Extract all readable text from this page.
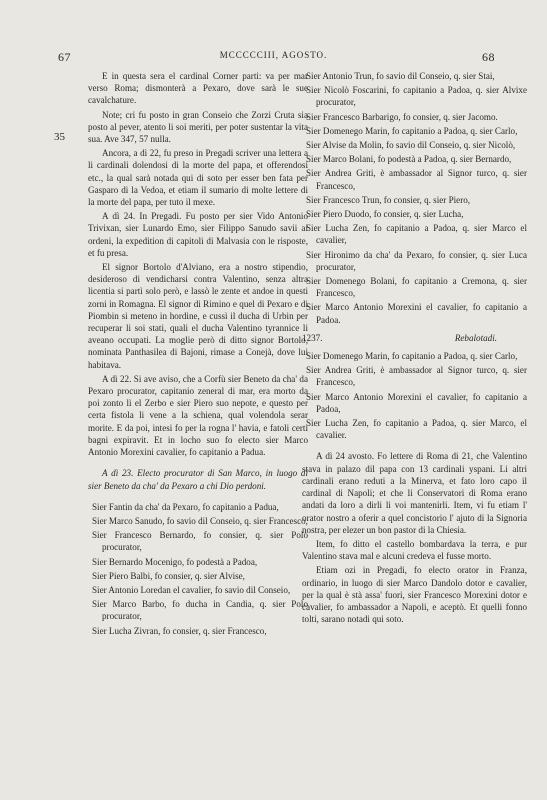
67	MCCCCCIII, AGOSTO.	68
35

E in questa sera el cardinal Corner parti: va per mar verso Roma; dismonterà a Pexaro, dove sarà le sue cavalchature.

Note; cri fu posto in gran Conseio che Zorzi Cruta sia posto al pever, atento li soi meriti, per poter sustentar la vita sua. Ave 347, 57 nulla.

Ancora, a dì 22, fu preso in Pregadi scriver una lettera a li cardinali dolendosi di la morte del papa, et offerendosi etc., la qual sarà notada qui di soto per esser ben fata per Gasparo di la Vedoa, et etiam il sumario di molte lettere di la morte del papa, per tuto il mexe.

A dì 24. In Pregadi. Fu posto per sier Vido Antonio Trivixan, sier Lunardo Emo, sier Filippo Sanudo savii ai ordeni, la expedition di capitoli di Malvasia con le risposte, et fu presa.

El signor Bortolo d'Alviano, era a nostro stipendio, desideroso di vendicharsi contra Valentino, senza altra licentia si partì solo però, e lassò le zente et andoe in questi zorni in Romagna. El signor di Rimino e quel di Pexaro e di Piombin si meteno in hordine, e cussì il ducha di Urbin per recuperar li soi stati, quali el ducha Valentino tyrannice li aveano occupati. La moglie però di ditto signor Bortolo, nominata Panthasilea di Bajoni, rimase a Conejà, dove lui habitava.

A dì 22. Si ave aviso, che a Corfù sier Beneto da cha' da Pexaro procurator, capitanio zeneral di mar, era morto da poi zonto lì el Zerbo e sier Piero suo nepote, e questo per certa fistola li vene a la schiena, qual volendola serar morite. E da poi, intesi fo per la rogna l' havia, e fatoli certi bagni expiravit. Et in locho suo fo electo sier Marco Antonio Morexini cavalier, fo capitanio a Padua.

A dì 23. Electo procurator di San Marco, in luogo di sier Beneto da cha' da Pexaro a chi Dio perdoni.

Sier Fantin da cha' da Pexaro, fo capitanio a Padua,

Sier Marco Sanudo, fo savio dil Conseio, q. sier Francesco,

Sier Francesco Bernardo, fo consier, q. sier Polo procurator,

Sier Bernardo Mocenigo, fo podestà a Padoa,

Sier Piero Balbi, fo consier, q. sier Alvise,

Sier Antonio Loredan el cavalier, fo savio dil Conseio,

Sier Marco Barbo, fo ducha in Candia, q. sier Polo procurator,

Sier Lucha Zivran, fo consier, q. sier Francesco,

Sier Antonio Trun, fo savio dil Conseio, q. sier Stai,

Sier Nicolò Foscarini, fo capitanio a Padoa, q. sier Alvixe procurator,

Sier Francesco Barbarigo, fo consier, q. sier Jacomo.

Sier Domenego Marin, fo capitanio a Padoa, q. sier Carlo,

Sier Alvise da Molin, fo savio dil Conseio, q. sier Nicolò,

Sier Marco Bolani, fo podestà a Padoa, q. sier Bernardo,

Sier Andrea Griti, è ambassador al Signor turco, q. sier Francesco,

Sier Francesco Trun, fo consier, q. sier Piero,

Sier Piero Duodo, fo consier, q. sier Lucha,

Sier Lucha Zen, fo capitanio a Padoa, q. sier Marco el cavalier,

Sier Hironimo da cha' da Pexaro, fo consier, q. sier Luca procurator,

Sier Domenego Bolani, fo capitanio a Cremona, q. sier Francesco,

Sier Marco Antonio Morexini el cavalier, fo capitanio a Padoa.

1237.	Rebalotadi.

Sier Domenego Marin, fo capitanio a Padoa, q. sier Carlo,

Sier Andrea Griti, è ambassador al Signor turco, q. sier Francesco,

Sier Marco Antonio Morexini el cavalier, fo capitanio a Padoa,

Sier Lucha Zen, fo capitanio a Padoa, q. sier Marco, el cavalier.

A dì 24 avosto. Fo lettere di Roma di 21, che Valentino stava in palazo dil papa con 13 cardinali yspani. Li altri cardinali erano reduti a la Minerva, et fato loro capo il cardinal di Napoli; et che li Conservatori di Roma erano andati da loro a dirli li voi mantenirli. Item, vi fu etiam l' orator nostro a oferir a quel concistorio l' ajuto di la Signoria nostra, per elezer un bon pastor di la Chiesia.

Item, fo ditto el castello bombardava la terra, e pur Valentino stava mal e alcuni credeva el fusse morto.

Etiam ozi in Pregadi, fo electo orator in Franza, ordinario, in luogo di sier Marco Dandolo dotor e cavalier, per la qual è stà assa' fuori, sier Francesco Morexini dotor e cavalier, fo ambassador a Napoli, e aceptò. Et quelli fonno tolti, sarano notadi qui soto.
